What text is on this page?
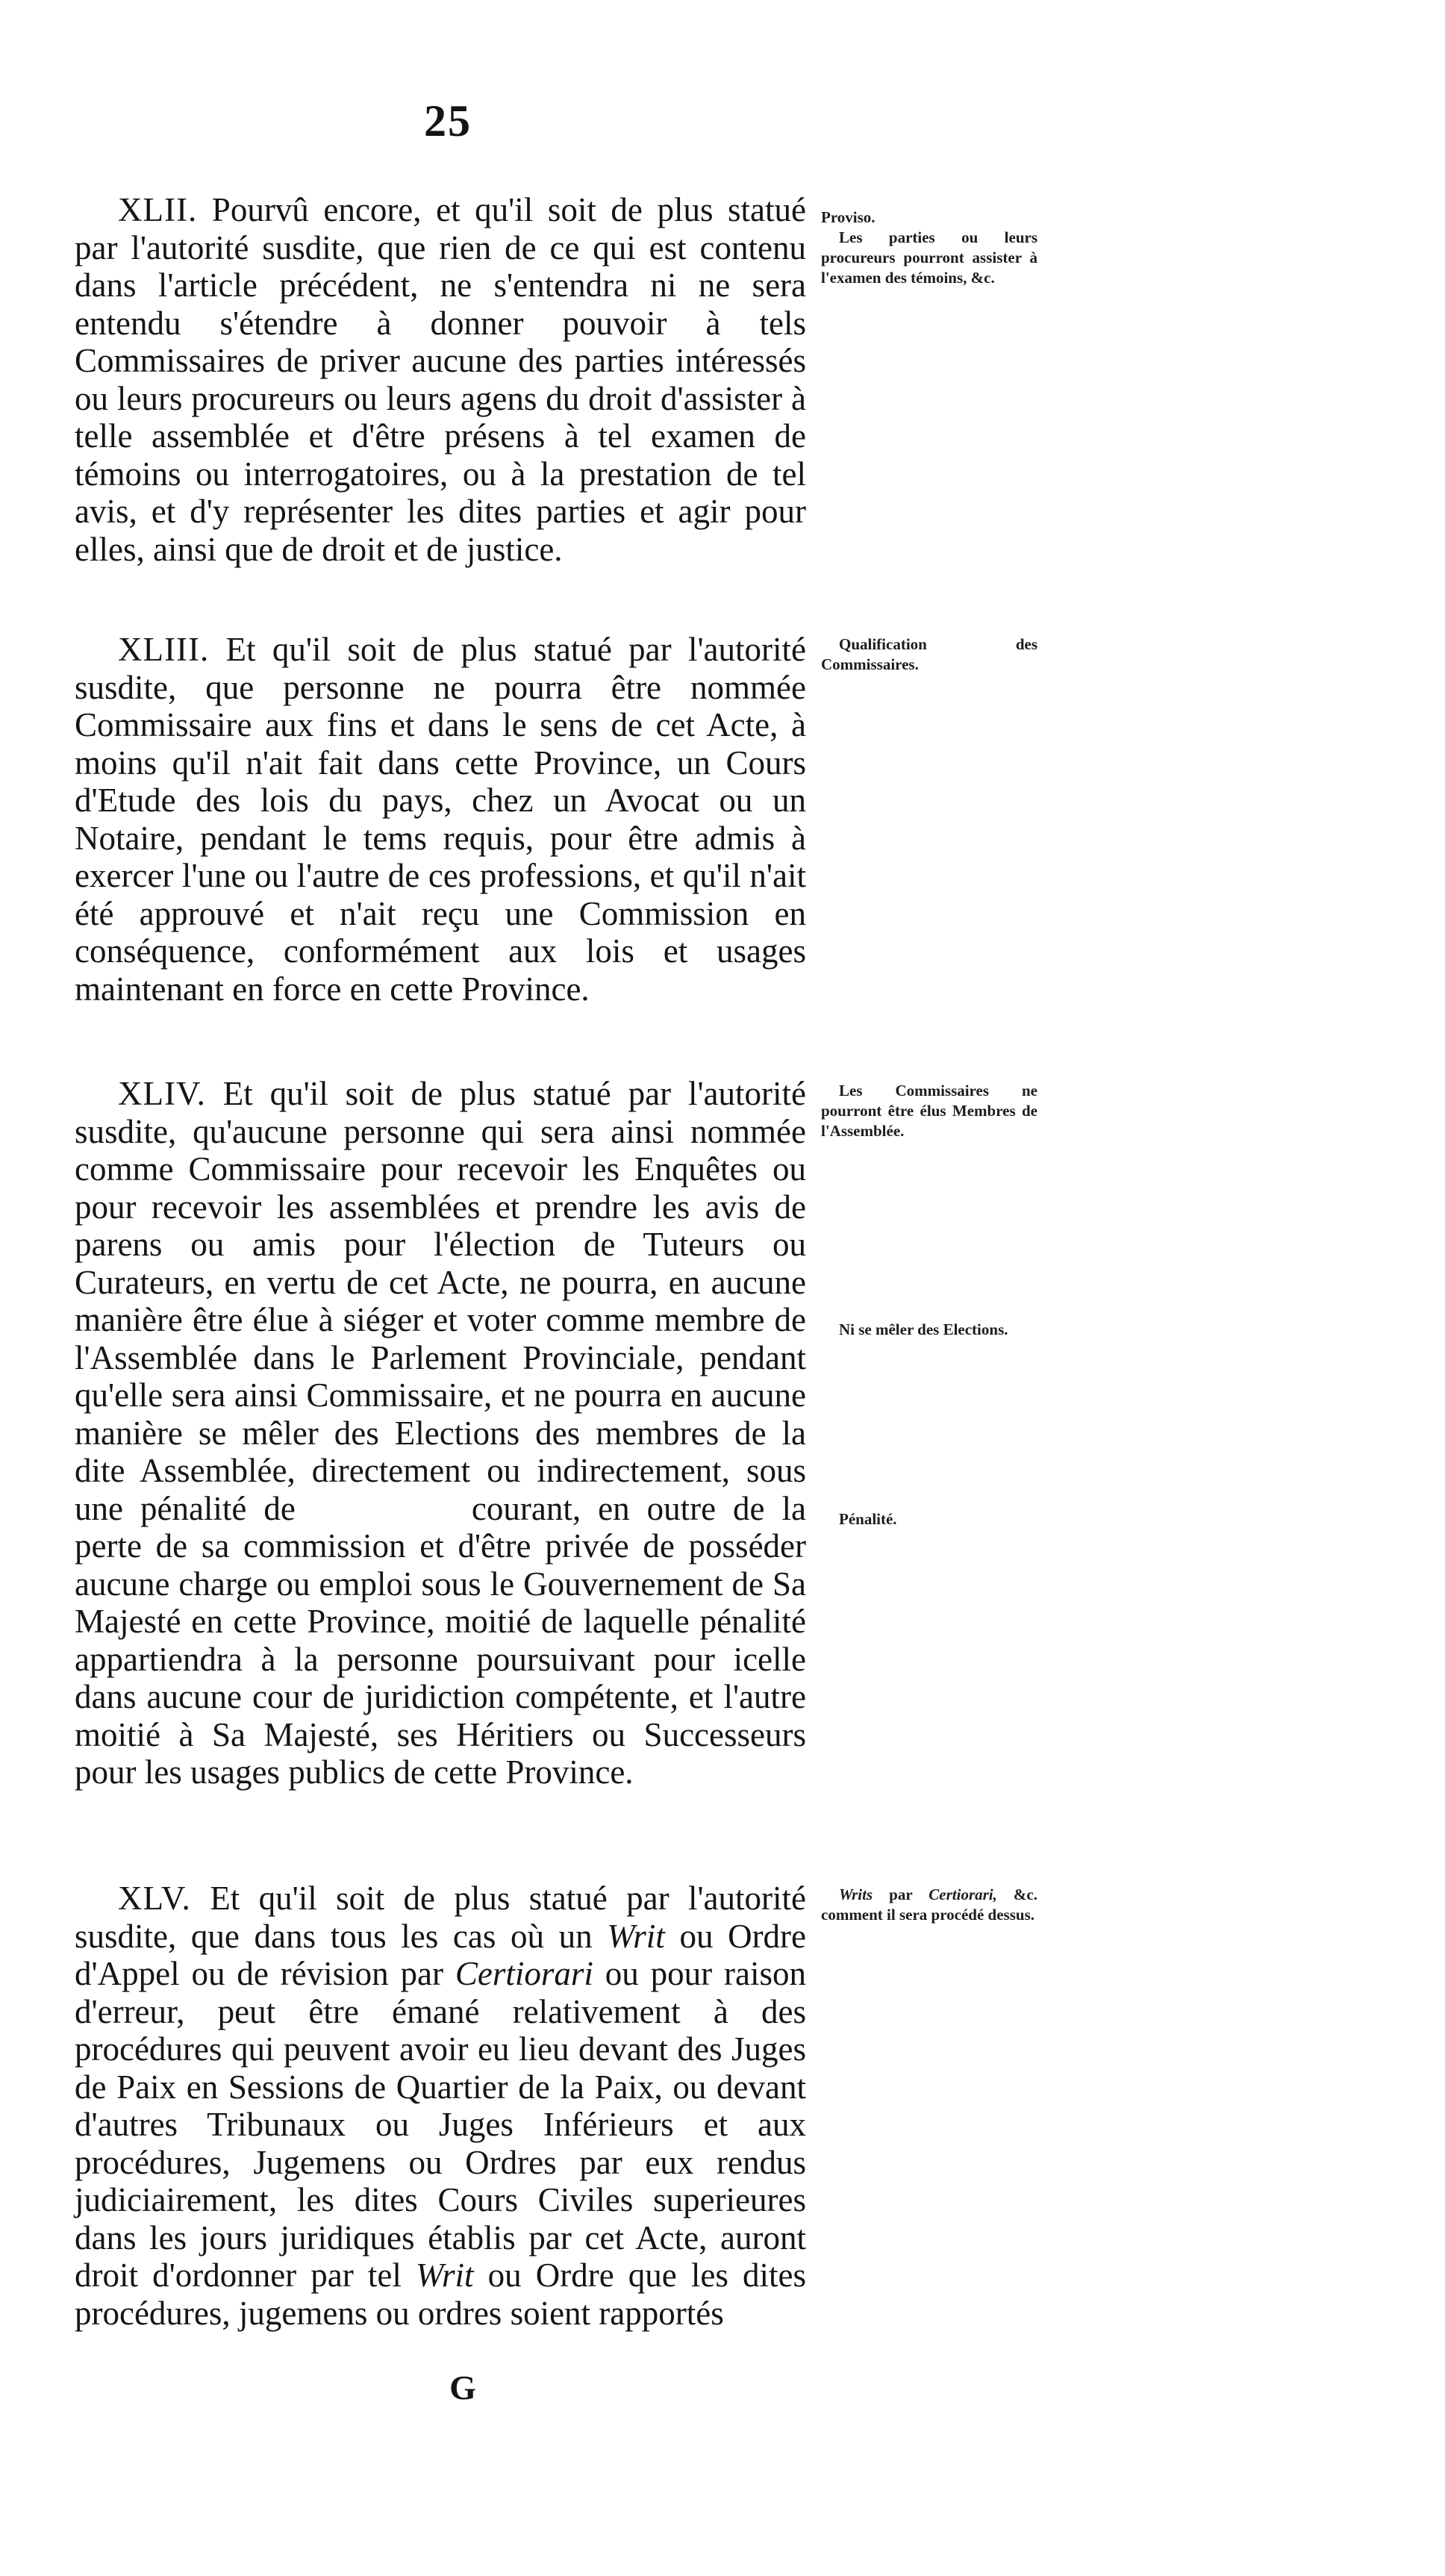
25

XLII. Pourvû encore, et qu'il soit de plus statué par l'autorité susdite, que rien de ce qui est contenu dans l'article précédent, ne s'entendra ni ne sera entendu s'étendre à donner pouvoir à tels Commissaires de priver aucune des parties intéressés ou leurs procureurs ou leurs agens du droit d'assister à telle assemblée et d'être présens à tel examen de témoins ou interrogatoires, ou à la prestation de tel avis, et d'y représenter les dites parties et agir pour elles, ainsi que de droit et de justice.

Proviso.
Les parties ou leurs procureurs pourront assister à l'examen des témoins, &c.

XLIII. Et qu'il soit de plus statué par l'autorité susdite, que personne ne pourra être nommée Commissaire aux fins et dans le sens de cet Acte, à moins qu'il n'ait fait dans cette Province, un Cours d'Etude des lois du pays, chez un Avocat ou un Notaire, pendant le tems requis, pour être admis à exercer l'une ou l'autre de ces professions, et qu'il n'ait été approuvé et n'ait reçu une Commission en conséquence, conformément aux lois et usages maintenant en force en cette Province.

Qualification des Commissaires.

XLIV. Et qu'il soit de plus statué par l'autorité susdite, qu'aucune personne qui sera ainsi nommée comme Commissaire pour recevoir les Enquêtes ou pour recevoir les assemblées et prendre les avis de parens ou amis pour l'élection de Tuteurs ou Curateurs, en vertu de cet Acte, ne pourra, en aucune manière être élue à siéger et voter comme membre de l'Assemblée dans le Parlement Provinciale, pendant qu'elle sera ainsi Commissaire, et ne pourra en aucune manière se mêler des Elections des membres de la dite Assemblée, directement ou indirectement, sous une pénalité de	courant, en outre de la perte de sa commission et d'être privée de posséder aucune charge ou emploi sous le Gouvernement de Sa Majesté en cette Province, moitié de laquelle pénalité appartiendra à la personne poursuivant pour icelle dans aucune cour de juridiction compétente, et l'autre moitié à Sa Majesté, ses Héritiers ou Successeurs pour les usages publics de cette Province.

Les Commissaires ne pourront être élus Membres de l'Assemblée.
Ni se mêler des Elections.
Pénalité.

XLV. Et qu'il soit de plus statué par l'autorité susdite, que dans tous les cas où un Writ ou Ordre d'Appel ou de révision par Certiorari ou pour raison d'erreur, peut être émané relativement à des procédures qui peuvent avoir eu lieu devant des Juges de Paix en Sessions de Quartier de la Paix, ou devant d'autres Tribunaux ou Juges Inférieurs et aux procédures, Jugemens ou Ordres par eux rendus judiciairement, les dites Cours Civiles superieures dans les jours juridiques établis par cet Acte, auront droit d'ordonner par tel Writ ou Ordre que les dites procédures, jugemens ou ordres soient rapportés

Writs par Certiorari, &c. comment il sera procédé dessus.
G
